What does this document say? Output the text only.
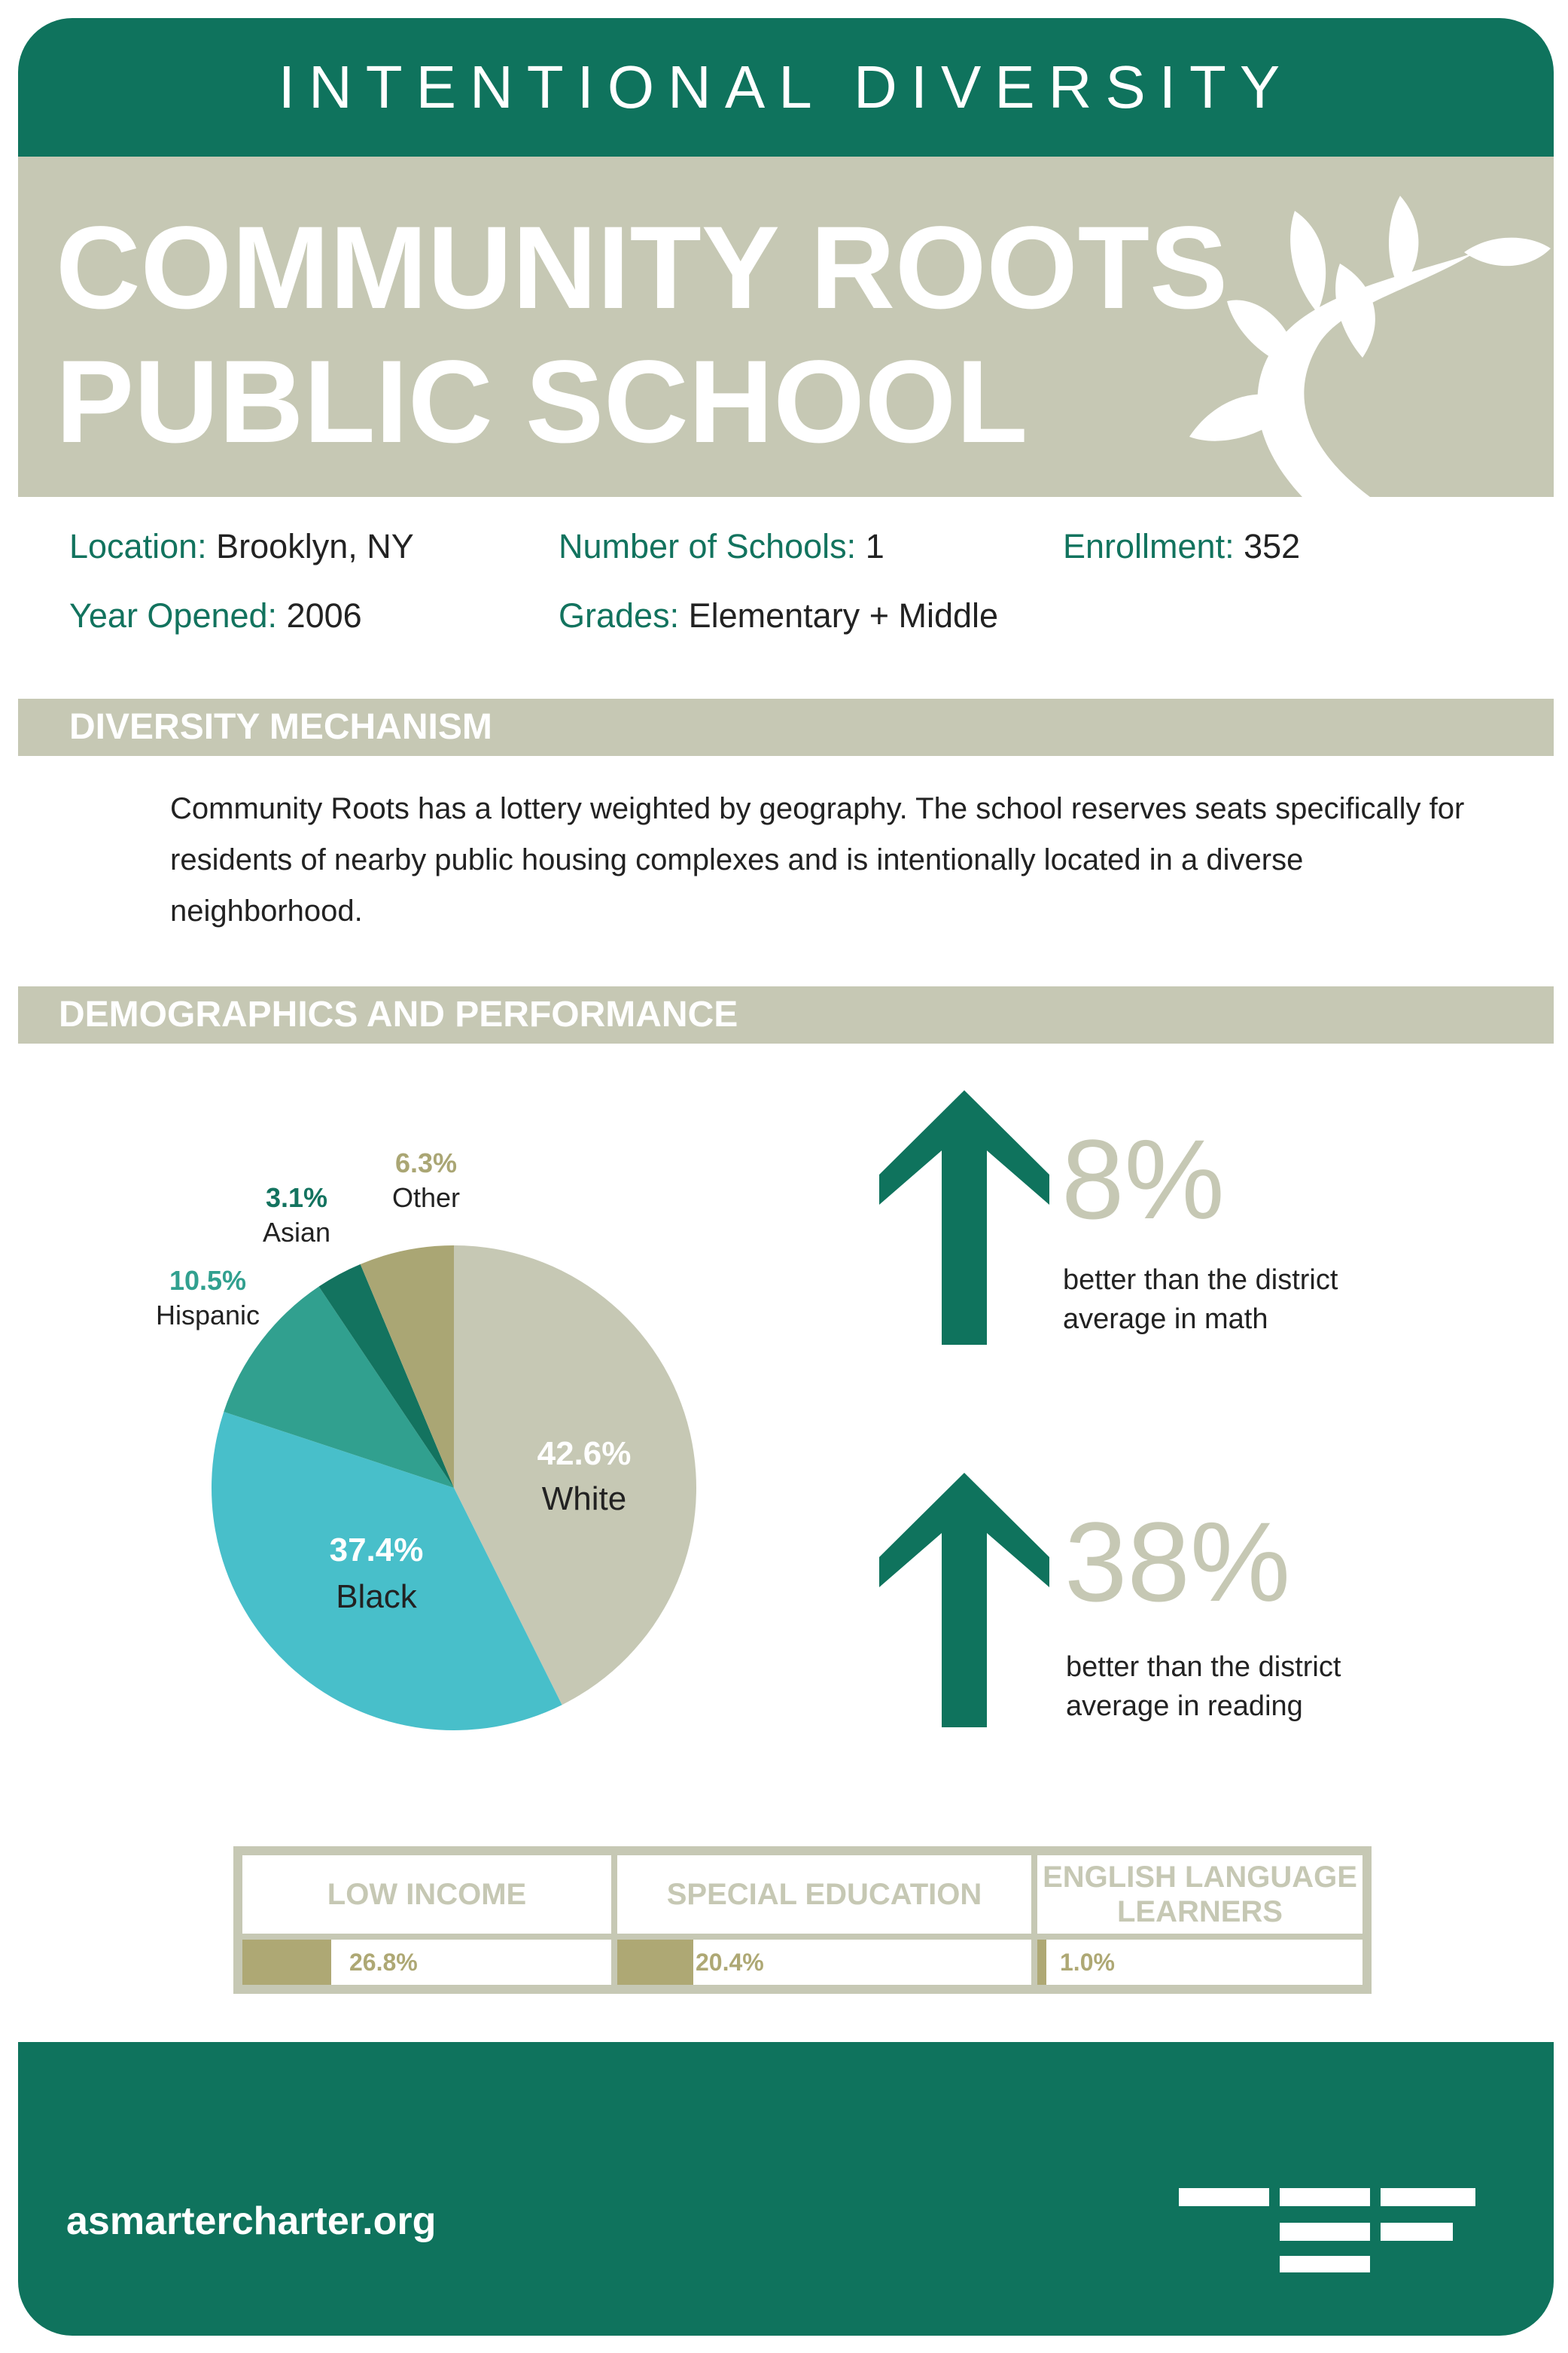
INTENTIONAL DIVERSITY
COMMUNITY ROOTS
PUBLIC SCHOOL
Location: Brooklyn, NY	Number of Schools: 1	Enrollment: 352
Year Opened: 2006	Grades: Elementary + Middle
DIVERSITY MECHANISM
Community Roots has a lottery weighted by geography. The school reserves seats specifically for residents of nearby public housing complexes and is intentionally located in a diverse neighborhood.
DEMOGRAPHICS AND PERFORMANCE
42.6%
White
37.4%
Black
10.5%
Hispanic
3.1%
Asian
6.3%
Other	8%
better than the district
average in math
38%
better than the district
average in reading
LOW INCOME	SPECIAL EDUCATION
ENGLISH LANGUAGE
LEARNERS
26.8%	20.4%	1.0%
asmartercharter.org
